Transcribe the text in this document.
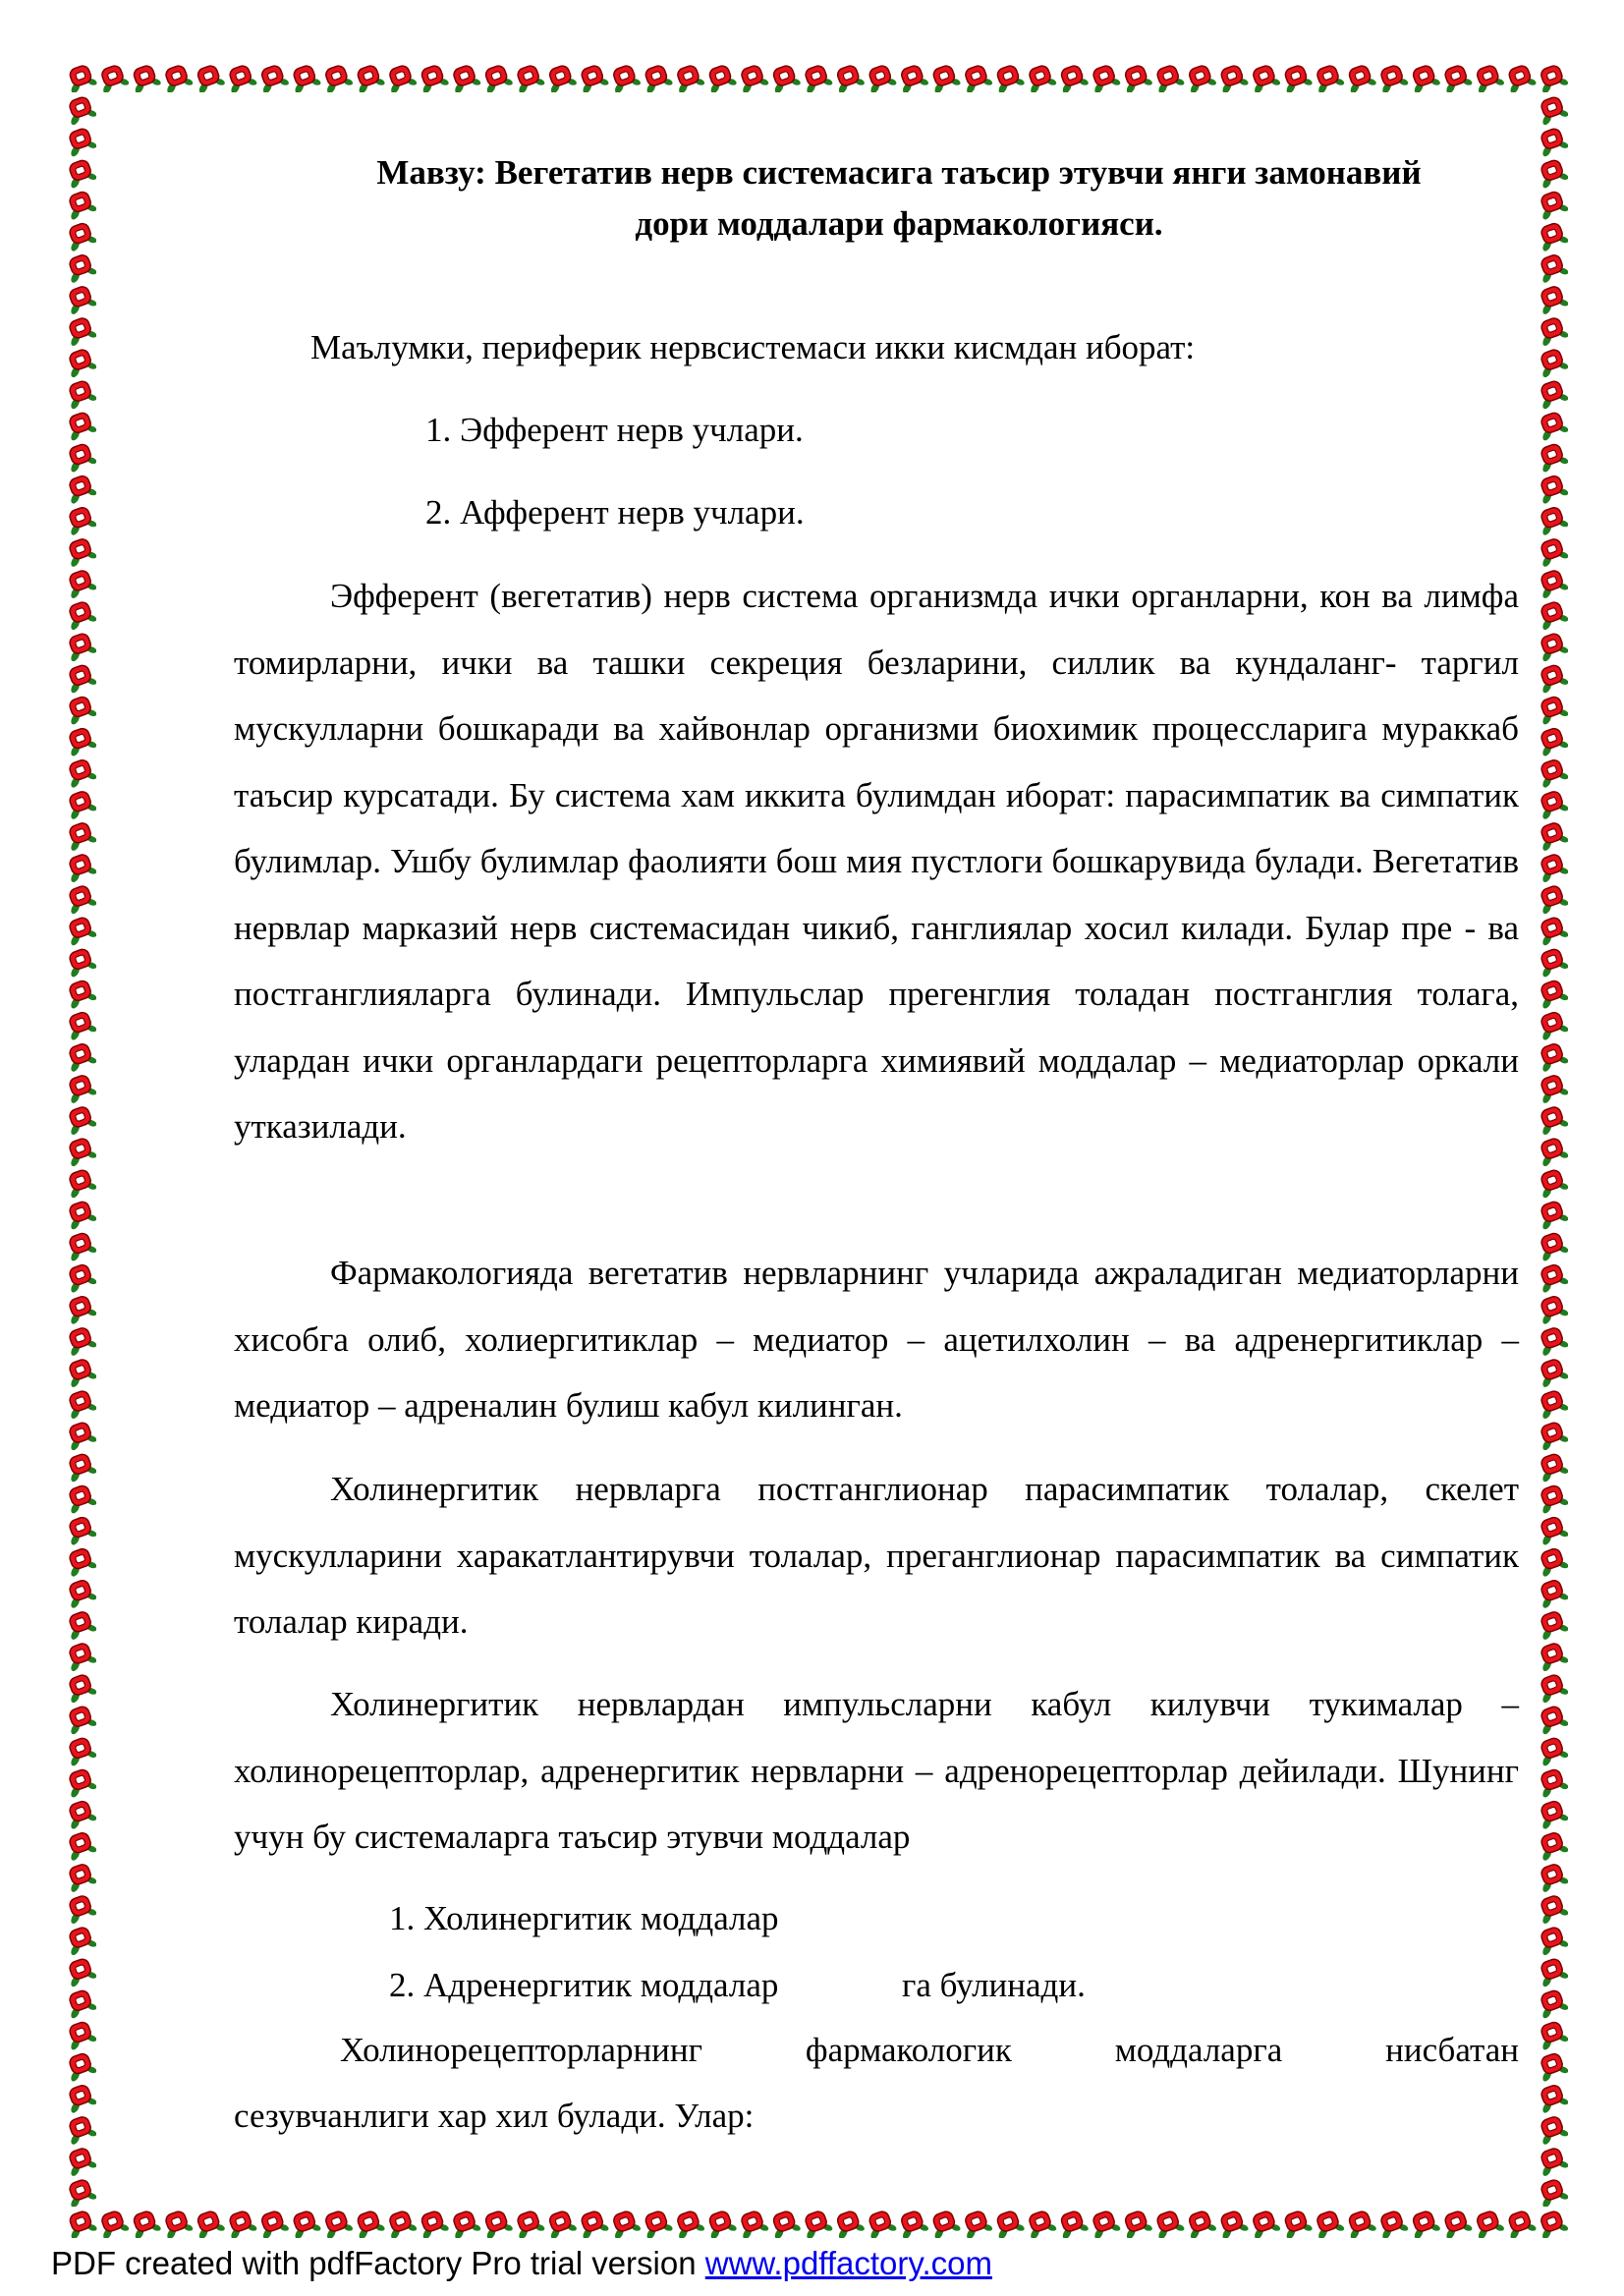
Мавзу: Вегетатив нерв системасига таъсир этувчи янги замонавий
дори моддалари фармакологияси.
Маълумки, периферик нервсистемаси икки кисмдан иборат:
1. Эфферент нерв учлари.
2. Афферент нерв учлари.

Эфферент (вегетатив) нерв система организмда ички органларни, кон ва лимфа томирларни, ички ва ташки секреция безларини, силлик ва кундаланг- таргил мускулларни бошкаради ва хайвонлар организми биохимик процессларига мураккаб таъсир курсатади. Бу система хам иккита булимдан иборат: парасимпатик ва симпатик булимлар. Ушбу булимлар фаолияти бош мия пустлоги бошкарувида булади. Вегетатив нервлар марказий нерв системасидан чикиб, ганглиялар хосил килади. Булар пре - ва постганглияларга булинади. Импульслар прегенглия толадан постганглия толага, улардан ички органлардаги рецепторларга химиявий моддалар – медиаторлар оркали утказилади.

Фармакологияда вегетатив нервларнинг учларида ажраладиган медиаторларни хисобга олиб, холиергитиклар – медиатор – ацетилхолин – ва адренергитиклар – медиатор – адреналин булиш кабул килинган.

Холинергитик нервларга постганглионар парасимпатик толалар, скелет мускулларини харакатлантирувчи толалар, преганглионар парасимпатик ва симпатик толалар киради.

Холинергитик нервлардан импульсларни кабул килувчи тукималар – холинорецепторлар, адренергитик нервларни – адренорецепторлар дейилади. Шунинг учун бу системаларга таъсир этувчи моддалар

1. Холинергитик моддалар
2. Адренергитик моддалар	га булинади.
Холинорецепторларнинг	фармакологик	моддаларга	нисбатан
сезувчанлиги хар хил булади. Улар:
PDF created with pdfFactory Pro trial version www.pdffactory.com
